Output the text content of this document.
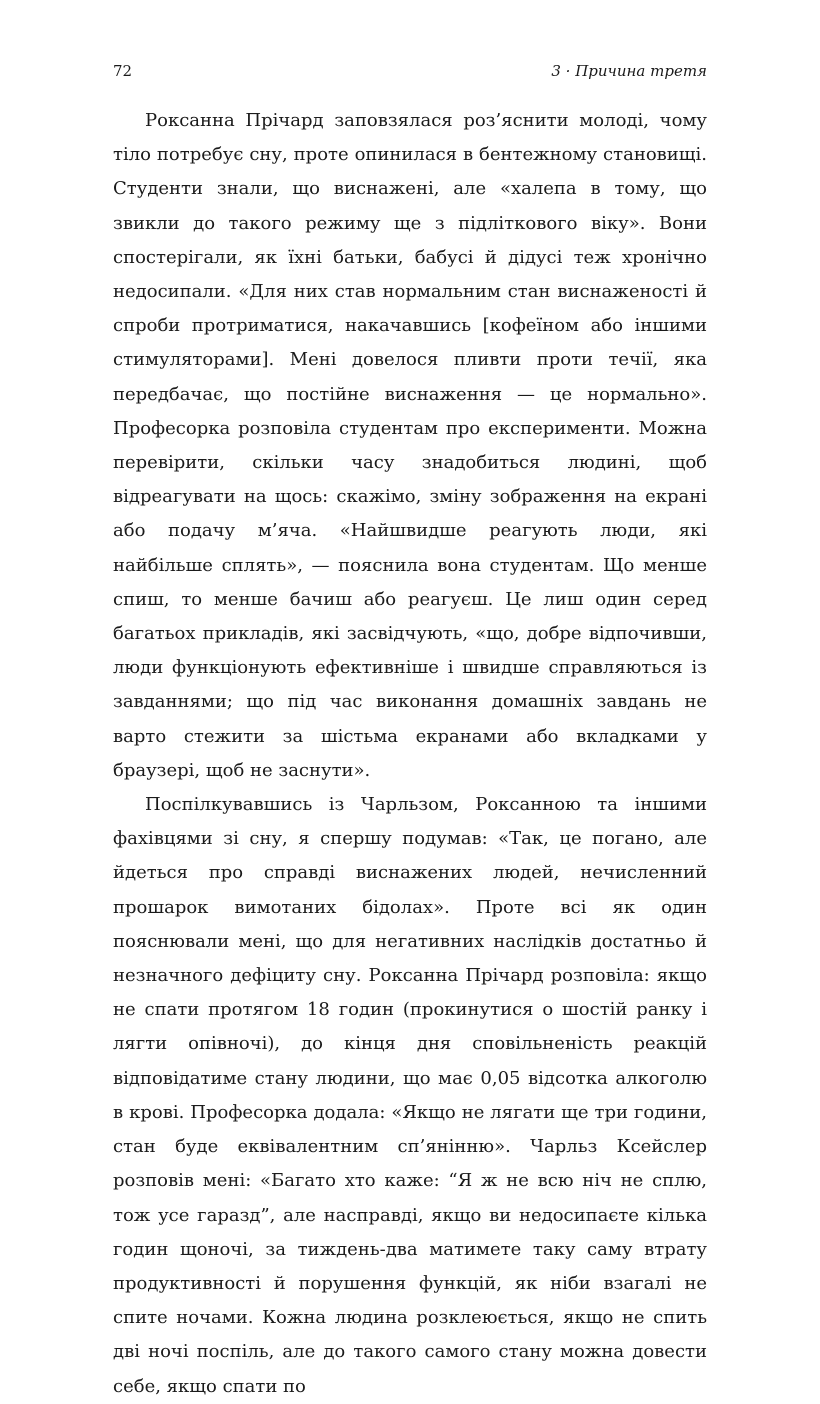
72	3 · Причина третя

Роксанна Прічард заповзялася роз’яснити молоді, чому тіло потребує сну, проте опинилася в бентежному становищі. Студенти знали, що виснажені, але «халепа в тому, що звикли до такого режиму ще з підліткового віку». Вони спостерігали, як їхні батьки, бабусі й дідусі теж хронічно недосипали. «Для них став нормальним стан виснаженості й спроби протриматися, накачавшись [кофеїном або іншими стимуляторами]. Мені довелося пливти проти течії, яка передбачає, що постійне виснаження — це нормально». Професорка розповіла студентам про експерименти. Можна перевірити, скільки часу знадобиться людині, щоб відреагувати на щось: скажімо, зміну зображення на екрані або подачу м’яча. «Найшвидше реагують люди, які найбільше сплять», — пояснила вона студентам. Що менше спиш, то менше бачиш або реагуєш. Це лиш один серед багатьох прикладів, які засвідчують, «що, добре відпочивши, люди функціонують ефективніше і швидше справляються із завданнями; що під час виконання домашніх завдань не варто стежити за шістьма екранами або вкладками у браузері, щоб не заснути».

Поспілкувавшись із Чарльзом, Роксанною та іншими фахівцями зі сну, я спершу подумав: «Так, це погано, але йдеться про справді виснажених людей, нечисленний прошарок вимотаних бідолах». Проте всі як один пояснювали мені, що для негативних наслідків достатньо й незначного дефіциту сну. Роксанна Прічард розповіла: якщо не спати протягом 18 годин (прокинутися о шостій ранку і лягти опівночі), до кінця дня сповільненість реакцій відповідатиме стану людини, що має 0,05 відсотка алкоголю в крові. Професорка додала: «Якщо не лягати ще три години, стан буде еквівалентним сп’янінню». Чарльз Ксейслер розповів мені: «Багато хто каже: “Я ж не всю ніч не сплю, тож усе гаразд”, але насправді, якщо ви недосипаєте кілька годин щоночі, за тиждень-два матимете таку саму втрату продуктивності й порушення функцій, як ніби взагалі не спите ночами. Кожна людина розклеюється, якщо не спить дві ночі поспіль, але до такого самого стану можна довести себе, якщо спати по
